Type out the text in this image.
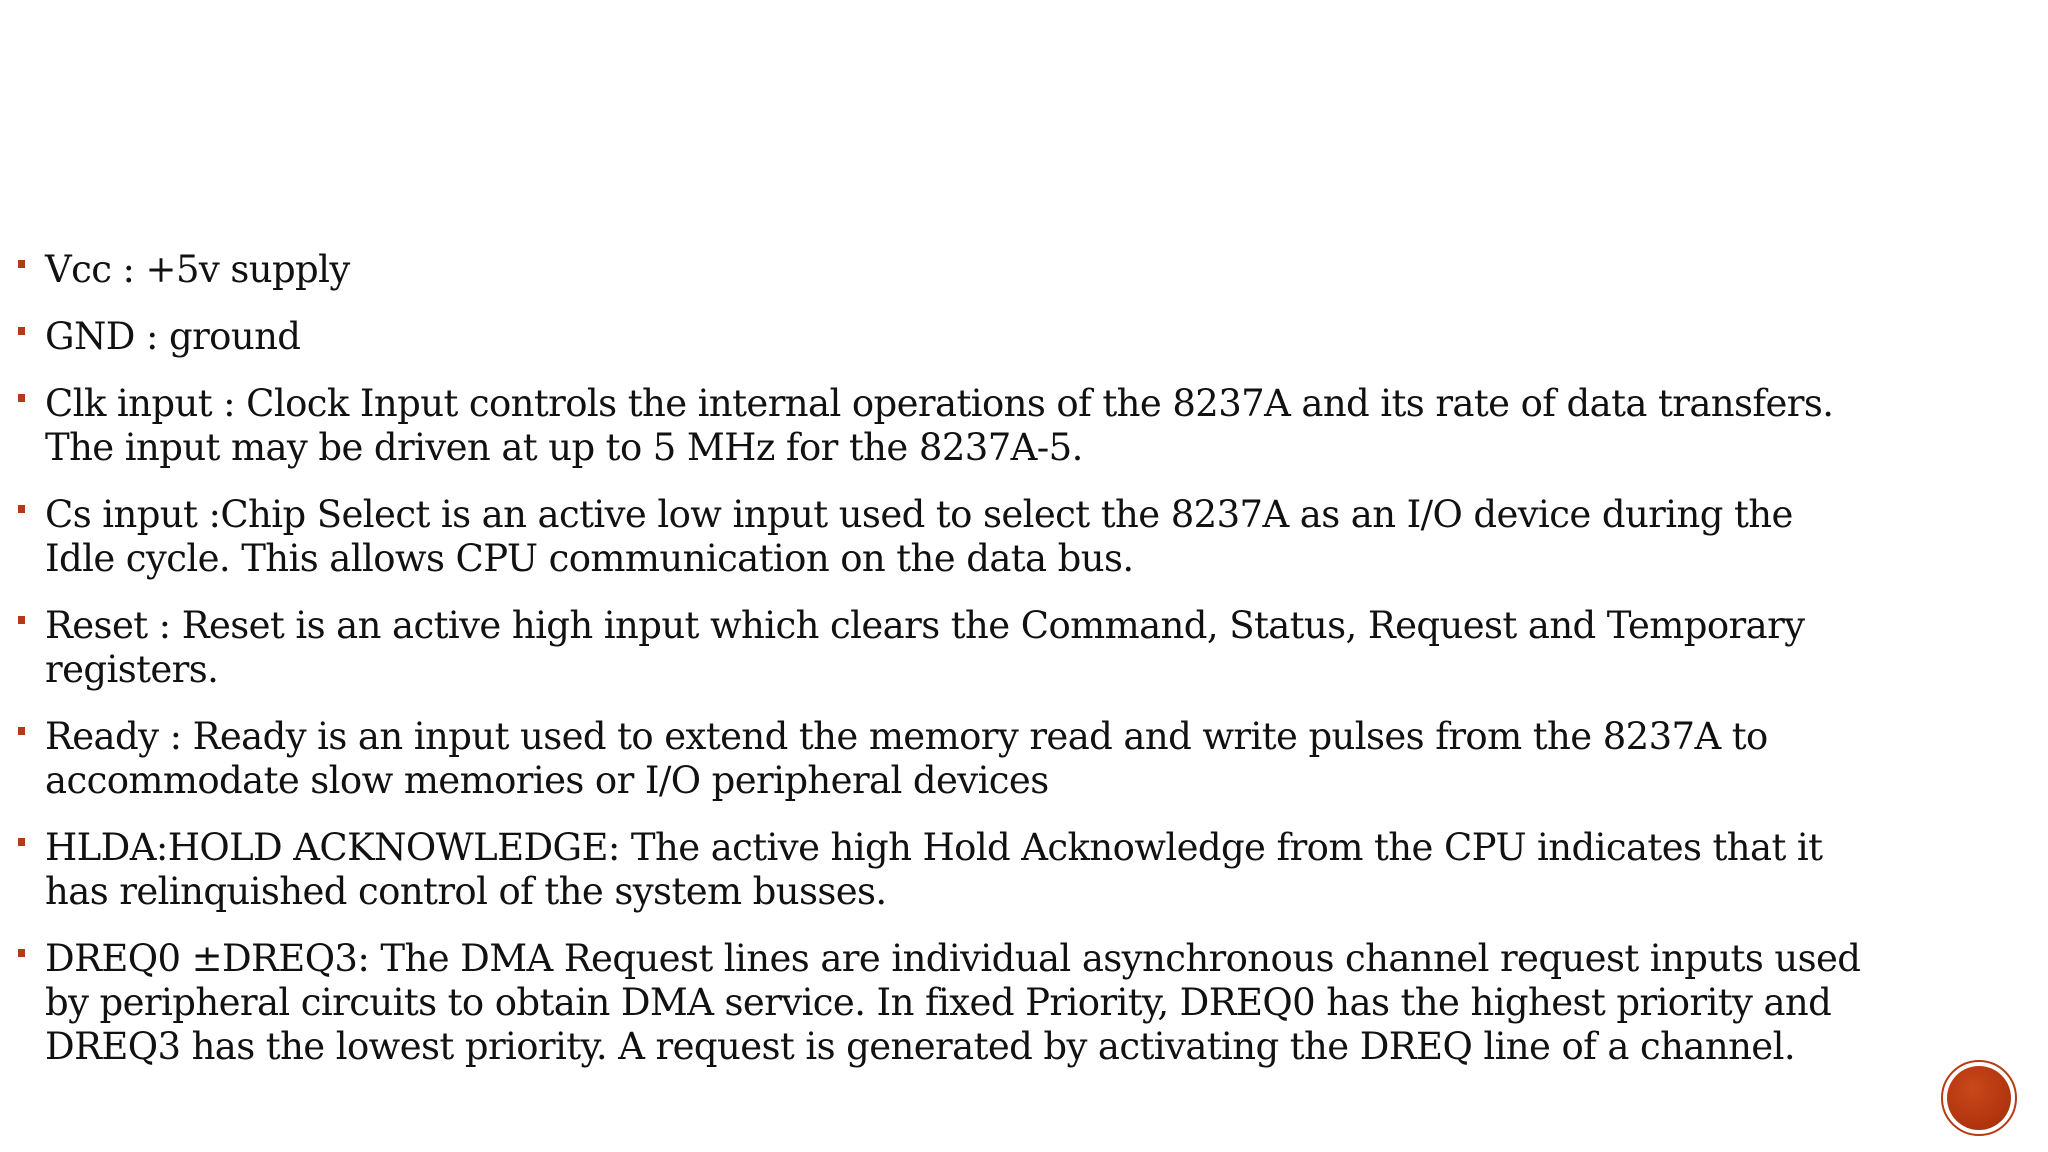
Vcc : +5v supply
GND : ground
Clk input : Clock Input controls the internal operations of the 8237A and its rate of data transfers.
The input may be driven at up to 5 MHz for the 8237A-5.
Cs input :Chip Select is an active low input used to select the 8237A as an I/O device during the
Idle cycle. This allows CPU communication on the data bus.
Reset : Reset is an active high input which clears the Command, Status, Request and Temporary
registers.
Ready : Ready is an input used to extend the memory read and write pulses from the 8237A to
accommodate slow memories or I/O peripheral devices
HLDA:HOLD ACKNOWLEDGE: The active high Hold Acknowledge from the CPU indicates that it
has relinquished control of the system busses.
DREQ0 ±DREQ3: The DMA Request lines are individual asynchronous channel request inputs used
by peripheral circuits to obtain DMA service. In fixed Priority, DREQ0 has the highest priority and
DREQ3 has the lowest priority. A request is generated by activating the DREQ line of a channel.
